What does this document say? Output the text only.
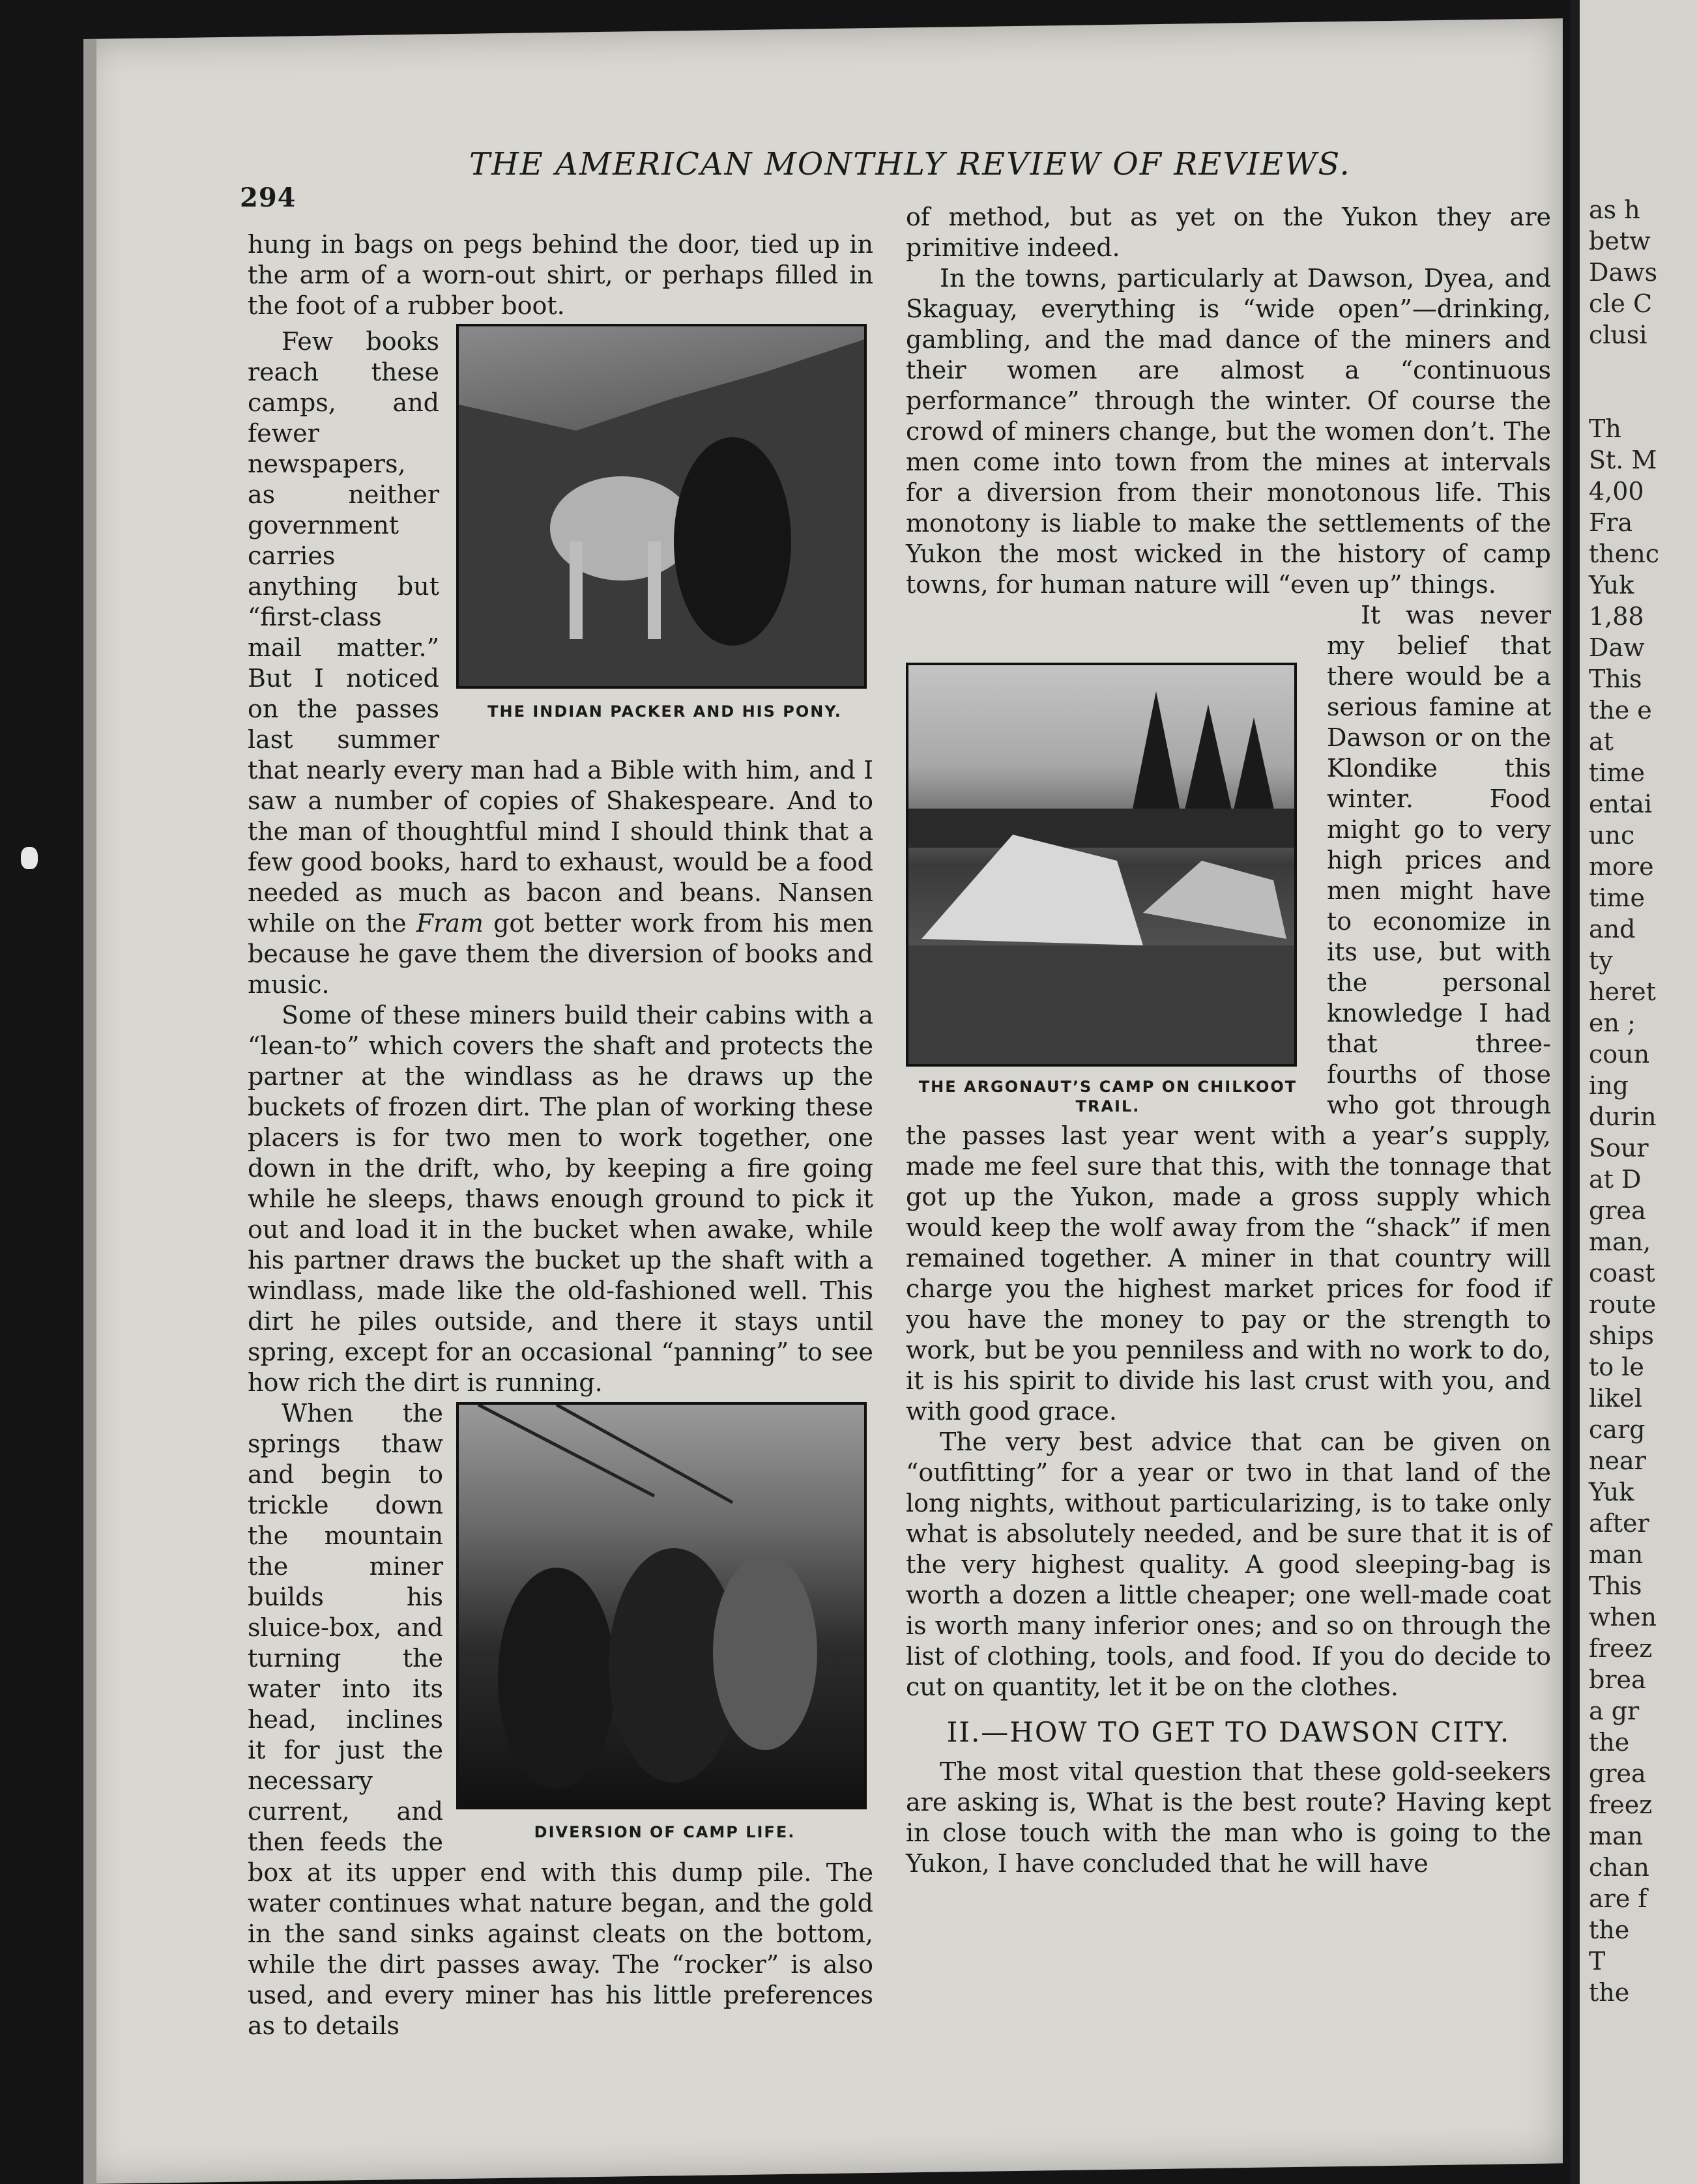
as h
betw
Daws
cle C
clusi
Th
St. M
4,00
Fra
thenc
Yuk
1,88
Daw
This
the e
at
time
entai
unc
more
time
and
ty
heret
en ;
coun
ing
durin
Sour
at D
grea
man,
coast
route
ships
to le
likel
carg
near
Yuk
after
man
This
when
freez
brea
a gr
the
grea
freez
man
chan
are f
the
T
the
294
THE AMERICAN MONTHLY REVIEW OF REVIEWS.

hung in bags on pegs behind the door, tied up in the arm of a worn-out shirt, or perhaps filled in the foot of a rubber boot.

THE INDIAN PACKER AND HIS PONY.

Few books reach these camps, and fewer newspapers, as neither government carries anything but “first-class mail matter.” But I noticed on the passes last summer that nearly every man had a Bible with him, and I saw a number of copies of Shakespeare. And to the man of thoughtful mind I should think that a few good books, hard to exhaust, would be a food needed as much as bacon and beans. Nansen while on the Fram got better work from his men because he gave them the diversion of books and music.

Some of these miners build their cabins with a “lean-to” which covers the shaft and protects the partner at the windlass as he draws up the buckets of frozen dirt. The plan of working these placers is for two men to work together, one down in the drift, who, by keeping a fire going while he sleeps, thaws enough ground to pick it out and load it in the bucket when awake, while his partner draws the bucket up the shaft with a windlass, made like the old-fashioned well. This dirt he piles outside, and there it stays until spring, except for an occasional “panning” to see how rich the dirt is running.

DIVERSION OF CAMP LIFE.

When the springs thaw and begin to trickle down the mountain the miner builds his sluice-box, and turning the water into its head, inclines it for just the necessary current, and then feeds the box at its upper end with this dump pile. The water continues what nature began, and the gold in the sand sinks against cleats on the bottom, while the dirt passes away. The “rocker” is also used, and every miner has his little preferences as to details

of method, but as yet on the Yukon they are primitive indeed.

In the towns, particularly at Dawson, Dyea, and Skaguay, everything is “wide open”—drinking, gambling, and the mad dance of the miners and their women are almost a “continuous performance” through the winter. Of course the crowd of miners change, but the women don’t. The men come into town from the mines at intervals for a diversion from their monotonous life. This monotony is liable to make the settlements of the Yukon the most wicked in the history of camp towns, for human nature will “even up” things.

THE ARGONAUT’S CAMP ON CHILKOOT TRAIL.

It was never my belief that there would be a serious famine at Dawson or on the Klondike this winter. Food might go to very high prices and men might have to economize in its use, but with the personal knowledge I had that three-fourths of those who got through the passes last year went with a year’s supply, made me feel sure that this, with the tonnage that got up the Yukon, made a gross supply which would keep the wolf away from the “shack” if men remained together. A miner in that country will charge you the highest market prices for food if you have the money to pay or the strength to work, but be you penniless and with no work to do, it is his spirit to divide his last crust with you, and with good grace.

The very best advice that can be given on “outfitting” for a year or two in that land of the long nights, without particularizing, is to take only what is absolutely needed, and be sure that it is of the very highest quality. A good sleeping-bag is worth a dozen a little cheaper; one well-made coat is worth many inferior ones; and so on through the list of clothing, tools, and food. If you do decide to cut on quantity, let it be on the clothes.

II.—HOW TO GET TO DAWSON CITY.

The most vital question that these gold-seekers are asking is, What is the best route? Having kept in close touch with the man who is going to the Yukon, I have concluded that he will have
